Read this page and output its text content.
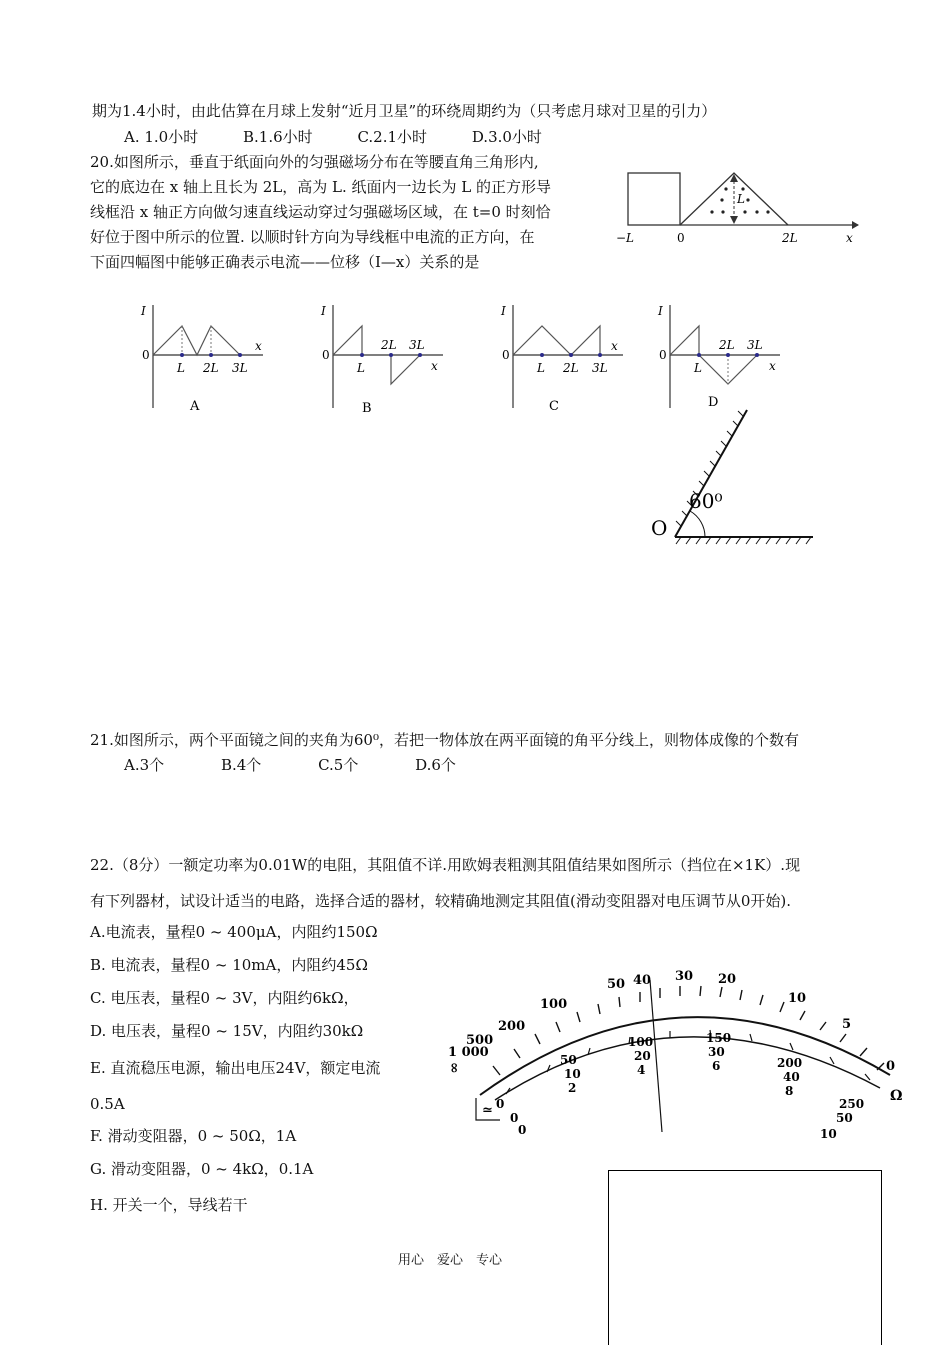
期为1.4小时，由此估算在月球上发射“近月卫星”的环绕周期约为（只考虑月球对卫星的引力）
A. 1.0小时	B.1.6小时	C.2.1小时	D.3.0小时
20.如图所示，垂直于纸面向外的匀强磁场分布在等腰直角三角形内,
它的底边在 x 轴上且长为 2L，高为 L. 纸面内一边长为 L 的正方形导
线框沿 x 轴正方向做匀速直线运动穿过匀强磁场区域，在 t=0 时刻恰
好位于图中所示的位置. 以顺时针方向为导线框中电流的正方向，在
下面四幅图中能够正确表示电流——位移（I—x）关系的是
L
−L	0	2L	x
I
0
x
L 2L 3L
A
I
0
x
L
2L 3L
B
I
0
x
L 2L 3L
C
I
0
x
L
2L 3L
D
60⁰
O
21.如图所示，两个平面镜之间的夹角为60⁰，若把一物体放在两平面镜的角平分线上，则物体成像的个数有
A.3个	B.4个	C.5个	D.6个
22.（8分）一额定功率为0.01W的电阻，其阻值不详.用欧姆表粗测其阻值结果如图所示（挡位在×1K）.现
有下列器材，试设计适当的电路，选择合适的器材，较精确地测定其阻值(滑动变阻器对电压调节从0开始).
A.电流表，量程0 ~ 400μA，内阻约150Ω
B. 电流表，量程0 ~ 10mA，内阻约45Ω
C. 电压表，量程0 ~ 3V，内阻约6kΩ，
D. 电压表，量程0 ~ 15V，内阻约30kΩ
E. 直流稳压电源，输出电压24V，额定电流
0.5A
F. 滑动变阻器，0 ~ 50Ω，1A
G. 滑动变阻器，0 ~ 4kΩ，0.1A
H. 开关一个，导线若干
∞
1 000
500
200
100
50 40 30 20
10
5
0
Ω
0
50
100	150
200
250
0
10
20	30
40
50
0
2
4	6
8
10
≃
用心　爱心　专心
